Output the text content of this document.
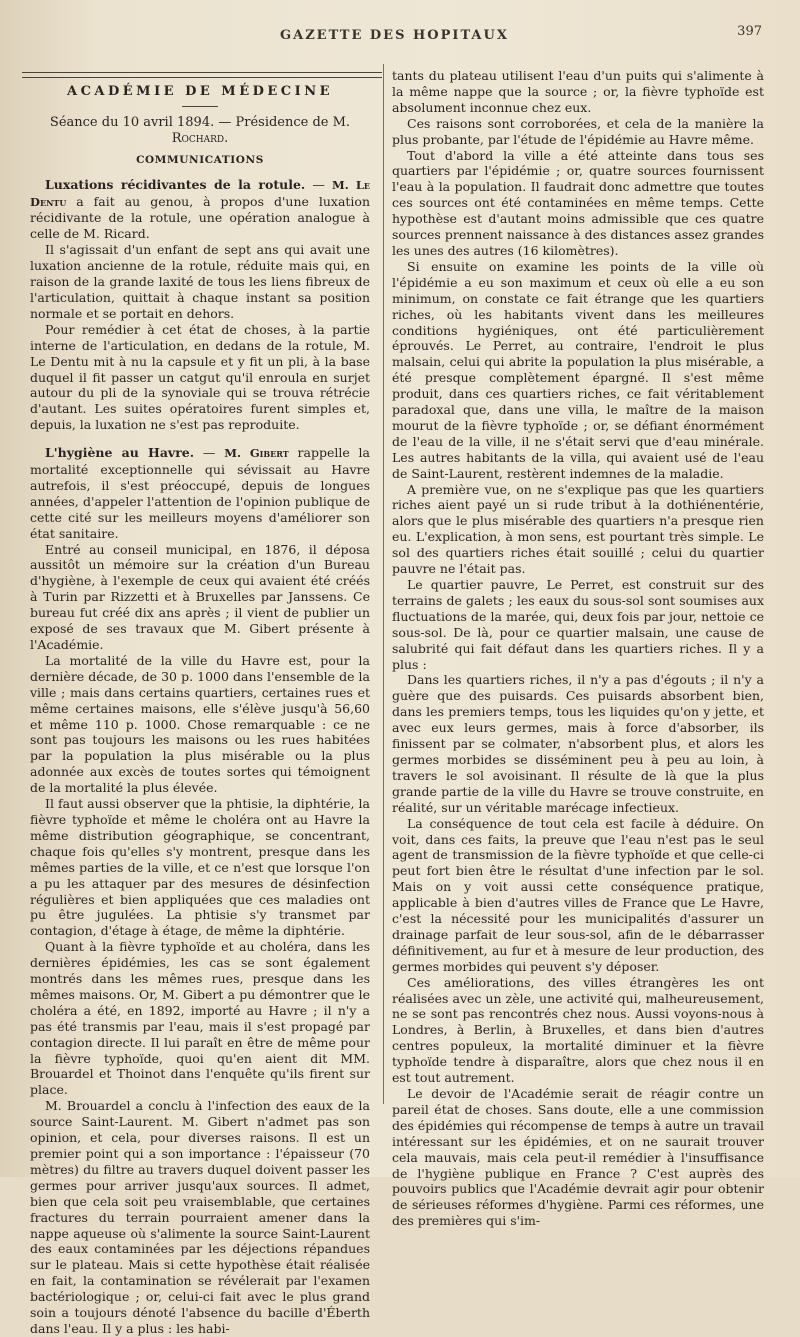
GAZETTE DES HOPITAUX	397
ACADÉMIE DE MÉDECINE
Séance du 10 avril 1894. — Présidence de M. Rochard.
COMMUNICATIONS

Luxations récidivantes de la rotule. — M. Le Dentu a fait au genou, à propos d'une luxation récidivante de la rotule, une opération analogue à celle de M. Ricard.

Il s'agissait d'un enfant de sept ans qui avait une luxation ancienne de la rotule, réduite mais qui, en raison de la grande laxité de tous les liens fibreux de l'articulation, quittait à chaque instant sa position normale et se portait en dehors.

Pour remédier à cet état de choses, à la partie interne de l'articulation, en dedans de la rotule, M. Le Dentu mit à nu la capsule et y fit un pli, à la base duquel il fit passer un catgut qu'il enroula en surjet autour du pli de la synoviale qui se trouva rétrécie d'autant. Les suites opératoires furent simples et, depuis, la luxation ne s'est pas reproduite.

L'hygiène au Havre. — M. Gibert rappelle la mortalité exceptionnelle qui sévissait au Havre autrefois, il s'est préoccupé, depuis de longues années, d'appeler l'attention de l'opinion publique de cette cité sur les meilleurs moyens d'améliorer son état sanitaire.

Entré au conseil municipal, en 1876, il déposa aussitôt un mémoire sur la création d'un Bureau d'hygiène, à l'exemple de ceux qui avaient été créés à Turin par Rizzetti et à Bruxelles par Janssens. Ce bureau fut créé dix ans après ; il vient de publier un exposé de ses travaux que M. Gibert présente à l'Académie.

La mortalité de la ville du Havre est, pour la dernière décade, de 30 p. 1000 dans l'ensemble de la ville ; mais dans certains quartiers, certaines rues et même certaines maisons, elle s'élève jusqu'à 56,60 et même 110 p. 1000. Chose remarquable : ce ne sont pas toujours les maisons ou les rues habitées par la population la plus misérable ou la plus adonnée aux excès de toutes sortes qui témoignent de la mortalité la plus élevée.

Il faut aussi observer que la phtisie, la diphtérie, la fièvre typhoïde et même le choléra ont au Havre la même distribution géographique, se concentrant, chaque fois qu'elles s'y montrent, presque dans les mêmes parties de la ville, et ce n'est que lorsque l'on a pu les attaquer par des mesures de désinfection régulières et bien appliquées que ces maladies ont pu être jugulées. La phtisie s'y transmet par contagion, d'étage à étage, de même la diphtérie.

Quant à la fièvre typhoïde et au choléra, dans les dernières épidémies, les cas se sont également montrés dans les mêmes rues, presque dans les mêmes maisons. Or, M. Gibert a pu démontrer que le choléra a été, en 1892, importé au Havre ; il n'y a pas été transmis par l'eau, mais il s'est propagé par contagion directe. Il lui paraît en être de même pour la fièvre typhoïde, quoi qu'en aient dit MM. Brouardel et Thoinot dans l'enquête qu'ils firent sur place.

M. Brouardel a conclu à l'infection des eaux de la source Saint-Laurent. M. Gibert n'admet pas son opinion, et cela, pour diverses raisons. Il est un premier point qui a son importance : l'épaisseur (70 mètres) du filtre au travers duquel doivent passer les germes pour arriver jusqu'aux sources. Il admet, bien que cela soit peu vraisemblable, que certaines fractures du terrain pourraient amener dans la nappe aqueuse où s'alimente la source Saint-Laurent des eaux contaminées par les déjections répandues sur le plateau. Mais si cette hypothèse était réalisée en fait, la contamination se révélerait par l'examen bactériologique ; or, celui-ci fait avec le plus grand soin a toujours dénoté l'absence du bacille d'Éberth dans l'eau. Il y a plus : les habi-

tants du plateau utilisent l'eau d'un puits qui s'alimente à la même nappe que la source ; or, la fièvre typhoïde est absolument inconnue chez eux.

Ces raisons sont corroborées, et cela de la manière la plus probante, par l'étude de l'épidémie au Havre même.

Tout d'abord la ville a été atteinte dans tous ses quartiers par l'épidémie ; or, quatre sources fournissent l'eau à la population. Il faudrait donc admettre que toutes ces sources ont été contaminées en même temps. Cette hypothèse est d'autant moins admissible que ces quatre sources prennent naissance à des distances assez grandes les unes des autres (16 kilomètres).

Si ensuite on examine les points de la ville où l'épidémie a eu son maximum et ceux où elle a eu son minimum, on constate ce fait étrange que les quartiers riches, où les habitants vivent dans les meilleures conditions hygiéniques, ont été particulièrement éprouvés. Le Perret, au contraire, l'endroit le plus malsain, celui qui abrite la population la plus misérable, a été presque complètement épargné. Il s'est même produit, dans ces quartiers riches, ce fait véritablement paradoxal que, dans une villa, le maître de la maison mourut de la fièvre typhoïde ; or, se défiant énormément de l'eau de la ville, il ne s'était servi que d'eau minérale. Les autres habitants de la villa, qui avaient usé de l'eau de Saint-Laurent, restèrent indemnes de la maladie.

A première vue, on ne s'explique pas que les quartiers riches aient payé un si rude tribut à la dothiénentérie, alors que le plus misérable des quartiers n'a presque rien eu. L'explication, à mon sens, est pourtant très simple. Le sol des quartiers riches était souillé ; celui du quartier pauvre ne l'était pas.

Le quartier pauvre, Le Perret, est construit sur des terrains de galets ; les eaux du sous-sol sont soumises aux fluctuations de la marée, qui, deux fois par jour, nettoie ce sous-sol. De là, pour ce quartier malsain, une cause de salubrité qui fait défaut dans les quartiers riches. Il y a plus :

Dans les quartiers riches, il n'y a pas d'égouts ; il n'y a guère que des puisards. Ces puisards absorbent bien, dans les premiers temps, tous les liquides qu'on y jette, et avec eux leurs germes, mais à force d'absorber, ils finissent par se colmater, n'absorbent plus, et alors les germes morbides se disséminent peu à peu au loin, à travers le sol avoisinant. Il résulte de là que la plus grande partie de la ville du Havre se trouve construite, en réalité, sur un véritable marécage infectieux.

La conséquence de tout cela est facile à déduire. On voit, dans ces faits, la preuve que l'eau n'est pas le seul agent de transmission de la fièvre typhoïde et que celle-ci peut fort bien être le résultat d'une infection par le sol. Mais on y voit aussi cette conséquence pratique, applicable à bien d'autres villes de France que Le Havre, c'est la nécessité pour les municipalités d'assurer un drainage parfait de leur sous-sol, afin de le débarrasser définitivement, au fur et à mesure de leur production, des germes morbides qui peuvent s'y déposer.

Ces améliorations, des villes étrangères les ont réalisées avec un zèle, une activité qui, malheureusement, ne se sont pas rencontrés chez nous. Aussi voyons-nous à Londres, à Berlin, à Bruxelles, et dans bien d'autres centres populeux, la mortalité diminuer et la fièvre typhoïde tendre à disparaître, alors que chez nous il en est tout autrement.

Le devoir de l'Académie serait de réagir contre un pareil état de choses. Sans doute, elle a une commission des épidémies qui récompense de temps à autre un travail intéressant sur les épidémies, et on ne saurait trouver cela mauvais, mais cela peut-il remédier à l'insuffisance de l'hygiène publique en France ? C'est auprès des pouvoirs publics que l'Académie devrait agir pour obtenir de sérieuses réformes d'hygiène. Parmi ces réformes, une des premières qui s'im-
